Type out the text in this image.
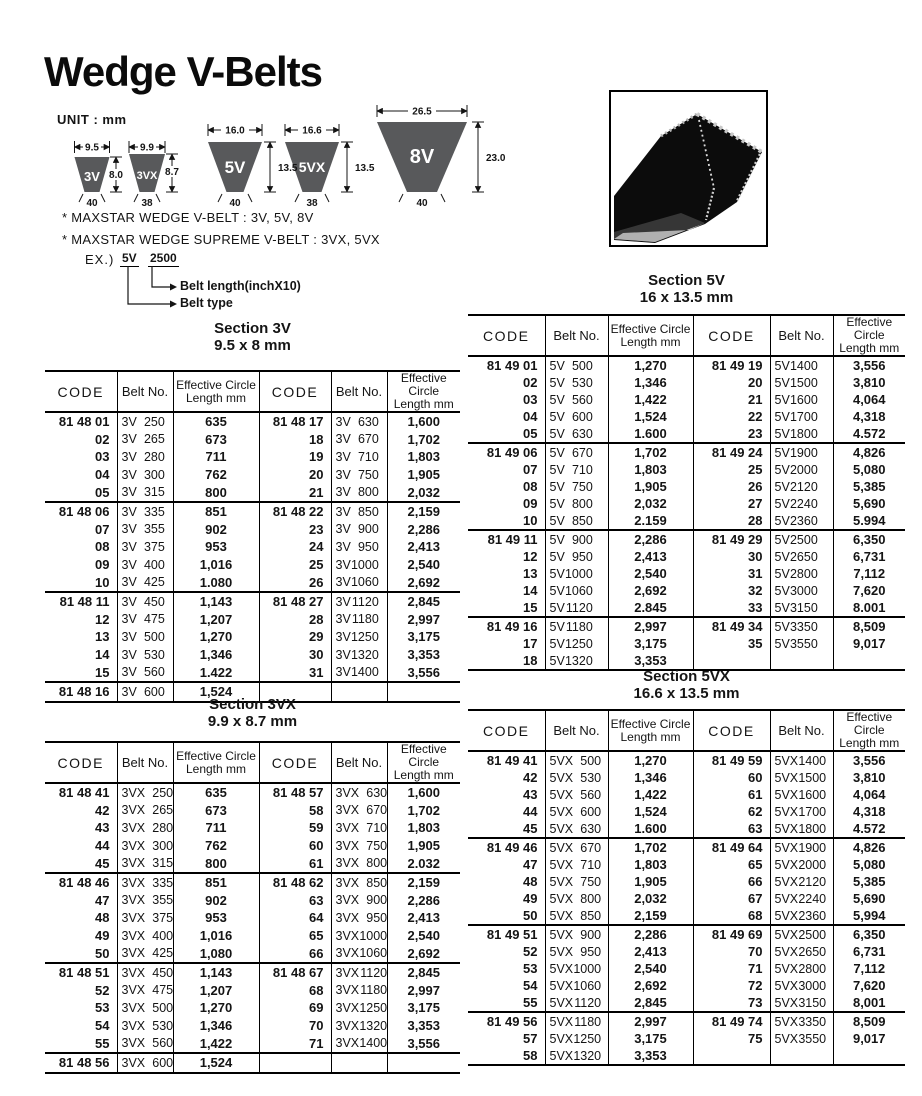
Wedge V-Belts
UNIT : mm
9.5	9.9
16.0	16.6
26.5
3V	3VX	5V	5VX	8V
8.0	8.7	13.5	13.5
23.0
40	38	40	38	40
* MAXSTAR WEDGE V-BELT : 3V, 5V, 8V
* MAXSTAR WEDGE SUPREME V-BELT : 3VX, 5VX
EX.) 5V 2500
Belt length(inchX10)
Belt type
Section 3V
9.5 x 8 mm
CODE	Belt No.	Effective Circle
Length mm	CODE	Belt No.	
Effective Circle
Length mm

81 48 01	3V 250	635	81 48 17	3V 630	1,600
02	3V 265	673	18	3V 670	1,702
03	3V 280	711	19	3V 710	1,803
04	3V 300	762	20	3V 750	1,905
05	3V 315	800	21	3V 800	2,032
81 48 06	3V 335	851	81 48 22	3V 850	2,159
07	3V 355	902	23	3V 900	2,286
08	3V 375	953	24	3V 950	2,413
09	3V 400	1,016	25	3V1000	2,540
10	3V 425	1.080	26	3V1060	2,692
81 48 11	3V 450	1,143	81 48 27	3V1120	2,845
12	3V 475	1,207	28	3V1180	2,997
13	3V 500	1,270	29	3V1250	3,175
14	3V 530	1,346	30	3V1320	3,353
15	3V 560	1.422	31	3V1400	3,556
81 48 16	3V 600	1,524			
Section 5V
16 x 13.5 mm
CODE	Belt No.	Effective Circle
Length mm	CODE	Belt No.	
Effective Circle
Length mm

81 49 01	5V 500	1,270	81 49 19	5V1400	3,556
02	5V 530	1,346	20	5V1500	3,810
03	5V 560	1,422	21	5V1600	4,064
04	5V 600	1,524	22	5V1700	4,318
05	5V 630	1.600	23	5V1800	4.572
81 49 06	5V 670	1,702	81 49 24	5V1900	4,826
07	5V 710	1,803	25	5V2000	5,080
08	5V 750	1,905	26	5V2120	5,385
09	5V 800	2,032	27	5V2240	5,690
10	5V 850	2.159	28	5V2360	5.994
81 49 11	5V 900	2,286	81 49 29	5V2500	6,350
12	5V 950	2,413	30	5V2650	6,731
13	5V1000	2,540	31	5V2800	7,112
14	5V1060	2,692	32	5V3000	7,620
15	5V1120	2.845	33	5V3150	8.001
81 49 16	5V1180	2,997	81 49 34	5V3350	8,509
17	5V1250	3,175	35	5V3550	9,017
18	5V1320	3,353			
Section 3VX
9.9 x 8.7 mm
CODE	Belt No.	Effective Circle
Length mm	CODE	Belt No.	
Effective Circle
Length mm

81 48 41	3VX 250	635	81 48 57	3VX 630	1,600
42	3VX 265	673	58	3VX 670	1,702
43	3VX 280	711	59	3VX 710	1,803
44	3VX 300	762	60	3VX 750	1,905
45	3VX 315	800	61	3VX 800	2.032
81 48 46	3VX 335	851	81 48 62	3VX 850	2,159
47	3VX 355	902	63	3VX 900	2,286
48	3VX 375	953	64	3VX 950	2,413
49	3VX 400	1,016	65	3VX1000	2,540
50	3VX 425	1,080	66	3VX1060	2,692
81 48 51	3VX 450	1,143	81 48 67	3VX1120	2,845
52	3VX 475	1,207	68	3VX1180	2,997
53	3VX 500	1,270	69	3VX1250	3,175
54	3VX 530	1,346	70	3VX1320	3,353
55	3VX 560	1,422	71	3VX1400	3,556
81 48 56	3VX 600	1,524			
Section 5VX
16.6 x 13.5 mm
CODE	Belt No.	Effective Circle
Length mm	CODE	Belt No.	
Effective Circle
Length mm

81 49 41	5VX 500	1,270	81 49 59	5VX1400	3,556
42	5VX 530	1,346	60	5VX1500	3,810
43	5VX 560	1,422	61	5VX1600	4,064
44	5VX 600	1,524	62	5VX1700	4,318
45	5VX 630	1.600	63	5VX1800	4.572
81 49 46	5VX 670	1,702	81 49 64	5VX1900	4,826
47	5VX 710	1,803	65	5VX2000	5,080
48	5VX 750	1,905	66	5VX2120	5,385
49	5VX 800	2,032	67	5VX2240	5,690
50	5VX 850	2,159	68	5VX2360	5,994
81 49 51	5VX 900	2,286	81 49 69	5VX2500	6,350
52	5VX 950	2,413	70	5VX2650	6,731
53	5VX1000	2,540	71	5VX2800	7,112
54	5VX1060	2,692	72	5VX3000	7,620
55	5VX1120	2,845	73	5VX3150	8,001
81 49 56	5VX1180	2,997	81 49 74	5VX3350	8,509
57	5VX1250	3,175	75	5VX3550	9,017
58	5VX1320	3,353			
